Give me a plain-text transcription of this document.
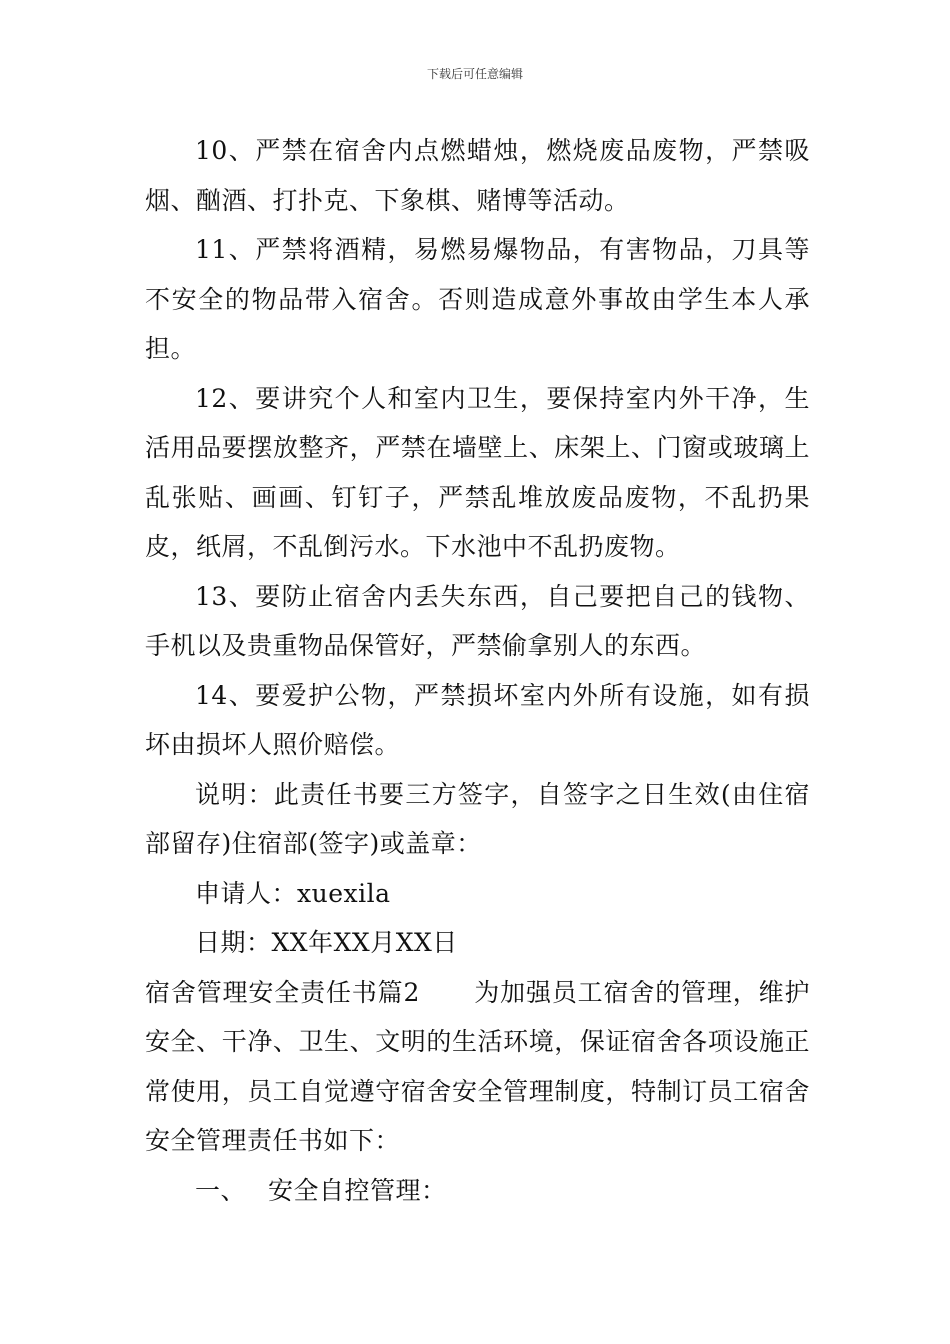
下载后可任意编辑

10、严禁在宿舍内点燃蜡烛，燃烧废品废物，严禁吸烟、酗酒、打扑克、下象棋、赌博等活动。

11、严禁将酒精，易燃易爆物品，有害物品，刀具等不安全的物品带入宿舍。否则造成意外事故由学生本人承担。

12、要讲究个人和室内卫生，要保持室内外干净，生活用品要摆放整齐，严禁在墙壁上、床架上、门窗或玻璃上乱张贴、画画、钉钉子，严禁乱堆放废品废物，不乱扔果皮，纸屑，不乱倒污水。下水池中不乱扔废物。

13、要防止宿舍内丢失东西，自己要把自己的钱物、手机以及贵重物品保管好，严禁偷拿别人的东西。

14、要爱护公物，严禁损坏室内外所有设施，如有损坏由损坏人照价赔偿。

说明：此责任书要三方签字，自签字之日生效(由住宿部留存)住宿部(签字)或盖章：

申请人：xuexila

日期：XX年XX月XX日

宿舍管理安全责任书篇2 为加强员工宿舍的管理，维护安全、干净、卫生、文明的生活环境，保证宿舍各项设施正常使用，员工自觉遵守宿舍安全管理制度，特制订员工宿舍安全管理责任书如下：

一、 安全自控管理：
